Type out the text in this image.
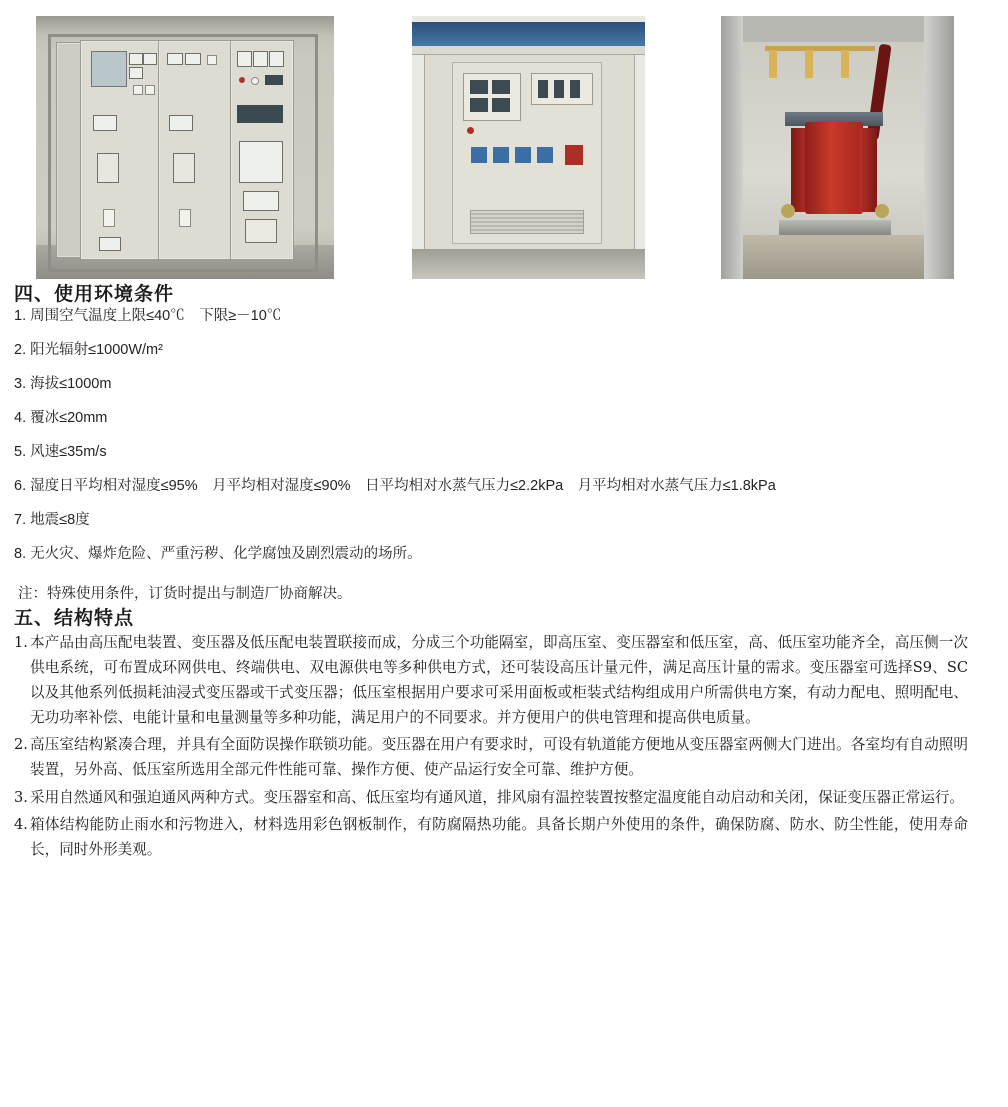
四、使用环境条件
1. 周围空气温度上限≤40℃　下限≥－10℃
2. 阳光辐射≤1000W/m²
3. 海拔≤1000m
4. 覆冰≤20mm
5. 风速≤35m/s
6. 湿度日平均相对湿度≤95%　月平均相对湿度≤90%　日平均相对水蒸气压力≤2.2kPa　月平均相对水蒸气压力≤1.8kPa
7. 地震≤8度
8. 无火灾、爆炸危险、严重污秽、化学腐蚀及剧烈震动的场所。
注：特殊使用条件，订货时提出与制造厂协商解决。
五、结构特点
1. 本产品由高压配电装置、变压器及低压配电装置联接而成，分成三个功能隔室，即高压室、变压器室和低压室，高、低压室功能齐全，高压侧一次供电系统，可布置成环网供电、终端供电、双电源供电等多种供电方式，还可装设高压计量元件，满足高压计量的需求。变压器室可选择S9、SC以及其他系列低损耗油浸式变压器或干式变压器；低压室根据用户要求可采用面板或柜装式结构组成用户所需供电方案，有动力配电、照明配电、无功功率补偿、电能计量和电量测量等多种功能，满足用户的不同要求。并方便用户的供电管理和提高供电质量。
2. 高压室结构紧凑合理，并具有全面防误操作联锁功能。变压器在用户有要求时，可设有轨道能方便地从变压器室两侧大门进出。各室均有自动照明装置，另外高、低压室所选用全部元件性能可靠、操作方便、使产品运行安全可靠、维护方便。
3. 采用自然通风和强迫通风两种方式。变压器室和高、低压室均有通风道，排风扇有温控装置按整定温度能自动启动和关闭，保证变压器正常运行。
4. 箱体结构能防止雨水和污物进入，材料选用彩色钢板制作，有防腐隔热功能。具备长期户外使用的条件，确保防腐、防水、防尘性能，使用寿命长，同时外形美观。
